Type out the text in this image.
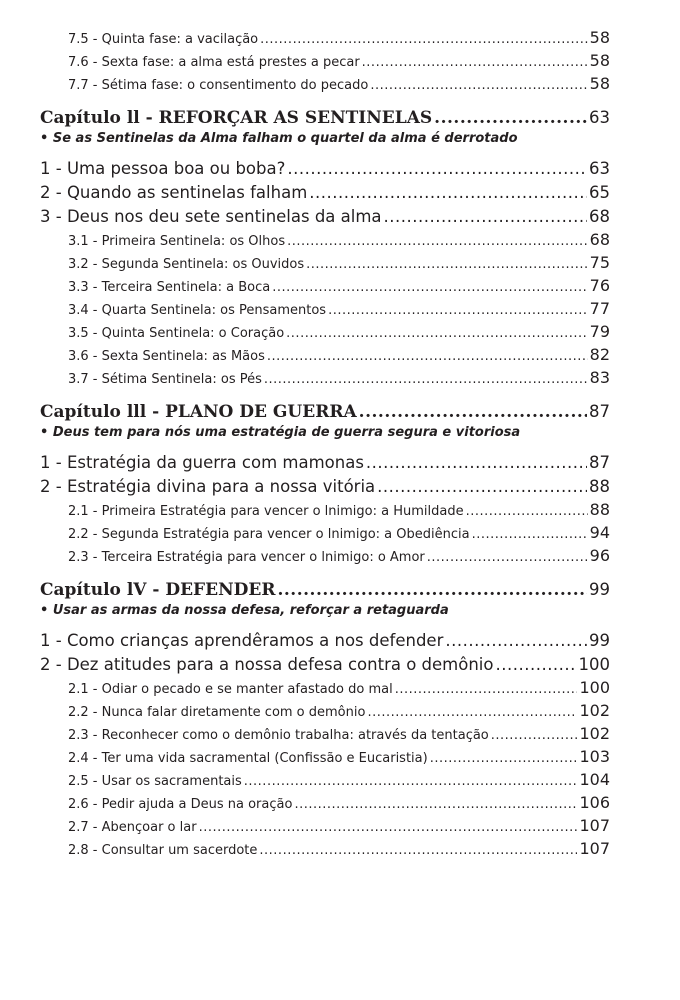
7.5 - Quinta fase: a vacilação .....	58
7.6 - Sexta fase: a alma está prestes a pecar .....	58
7.7 - Sétima fase: o consentimento do pecado .....	58
Capítulo ll - REFORÇAR AS SENTINELAS .....	63
• Se as Sentinelas da Alma falham o quartel da alma é derrotado
1 - Uma pessoa boa ou boba? .....	63
2 - Quando as sentinelas falham .....	65
3 - Deus nos deu sete sentinelas da alma .....	68
3.1 - Primeira Sentinela: os Olhos .....	68
3.2 - Segunda Sentinela: os Ouvidos .....	75
3.3 - Terceira Sentinela: a Boca .....	76
3.4 - Quarta Sentinela: os Pensamentos .....	77
3.5 - Quinta Sentinela: o Coração .....	79
3.6 - Sexta Sentinela: as Mãos .....	82
3.7 - Sétima Sentinela: os Pés .....	83
Capítulo lll - PLANO DE GUERRA .....	87
• Deus tem para nós uma estratégia de guerra segura e vitoriosa
1 - Estratégia da guerra com mamonas .....	87
2 - Estratégia divina para a nossa vitória .....	88
2.1 - Primeira Estratégia para vencer o lnimigo: a Humildade .....	88
2.2 - Segunda Estratégia para vencer o lnimigo: a Obediência .....	94
2.3 - Terceira Estratégia para vencer o lnimigo: o Amor .....	96
Capítulo lV - DEFENDER .....	99
• Usar as armas da nossa defesa, reforçar a retaguarda
1 - Como crianças aprendêramos a nos defender .....	99
2 - Dez atitudes para a nossa defesa contra o demônio .....	100
2.1 - Odiar o pecado e se manter afastado do mal .....	100
2.2 - Nunca falar diretamente com o demônio .....	102
2.3 - Reconhecer como o demônio trabalha: através da tentação .....	102
2.4 - Ter uma vida sacramental (Confissão e Eucaristia) .....	103
2.5 - Usar os sacramentais .....	104
2.6 - Pedir ajuda a Deus na oração .....	106
2.7 - Abençoar o lar .....	107
2.8 - Consultar um sacerdote .....	107
